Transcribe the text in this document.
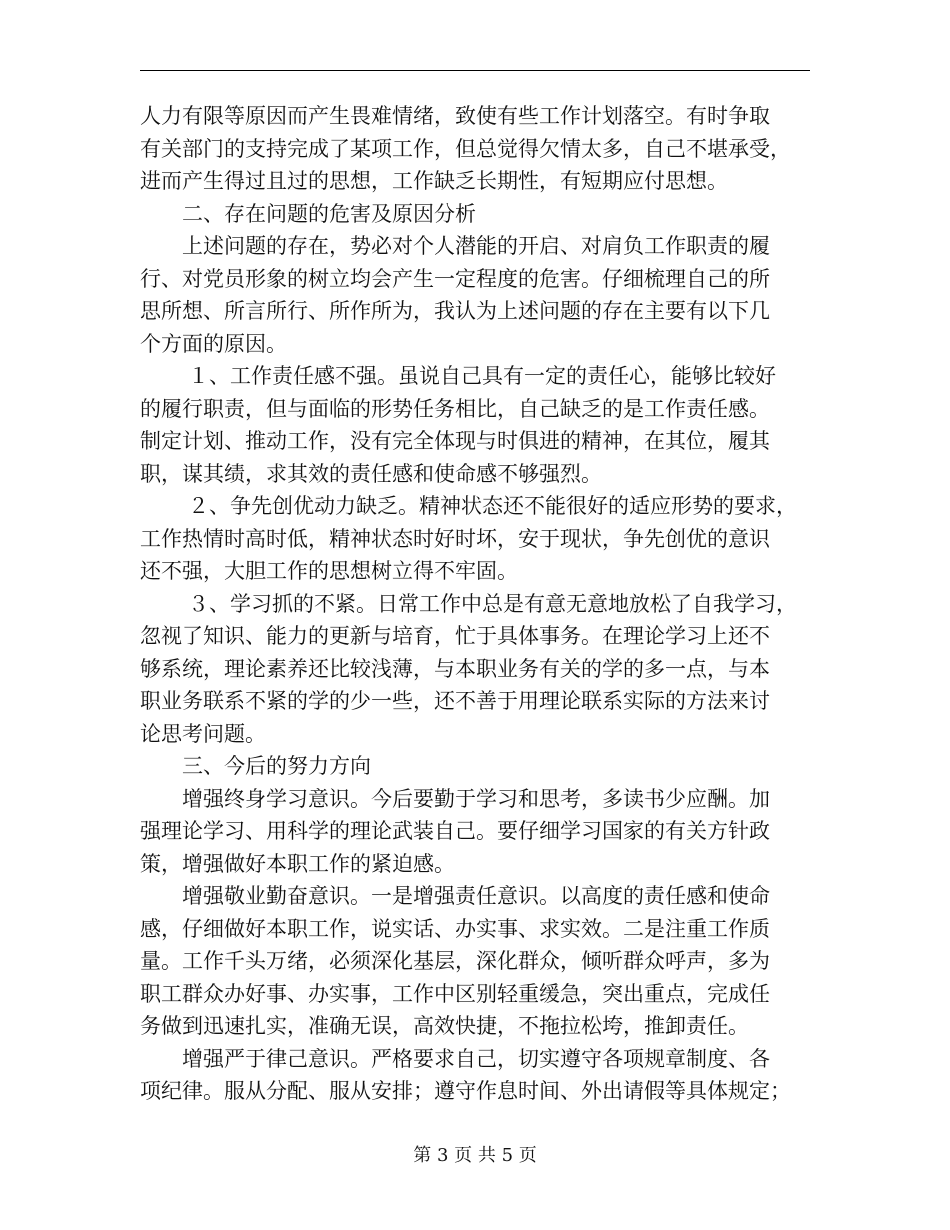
人力有限等原因而产生畏难情绪，致使有些工作计划落空。有时争取
有关部门的支持完成了某项工作，但总觉得欠情太多，自己不堪承受，
进而产生得过且过的思想，工作缺乏长期性，有短期应付思想。
二、存在问题的危害及原因分析
上述问题的存在，势必对个人潜能的开启、对肩负工作职责的履
行、对党员形象的树立均会产生一定程度的危害。仔细梳理自己的所
思所想、所言所行、所作所为，我认为上述问题的存在主要有以下几
个方面的原因。
１、工作责任感不强。虽说自己具有一定的责任心，能够比较好
的履行职责，但与面临的形势任务相比，自己缺乏的是工作责任感。
制定计划、推动工作，没有完全体现与时俱进的精神，在其位，履其
职，谋其绩，求其效的责任感和使命感不够强烈。
２、争先创优动力缺乏。精神状态还不能很好的适应形势的要求，
工作热情时高时低，精神状态时好时坏，安于现状，争先创优的意识
还不强，大胆工作的思想树立得不牢固。
３、学习抓的不紧。日常工作中总是有意无意地放松了自我学习，
忽视了知识、能力的更新与培育，忙于具体事务。在理论学习上还不
够系统，理论素养还比较浅薄，与本职业务有关的学的多一点，与本
职业务联系不紧的学的少一些，还不善于用理论联系实际的方法来讨
论思考问题。
三、今后的努力方向
增强终身学习意识。今后要勤于学习和思考，多读书少应酬。加
强理论学习、用科学的理论武装自己。要仔细学习国家的有关方针政
策，增强做好本职工作的紧迫感。
增强敬业勤奋意识。一是增强责任意识。以高度的责任感和使命
感，仔细做好本职工作，说实话、办实事、求实效。二是注重工作质
量。工作千头万绪，必须深化基层，深化群众，倾听群众呼声，多为
职工群众办好事、办实事，工作中区别轻重缓急，突出重点，完成任
务做到迅速扎实，准确无误，高效快捷，不拖拉松垮，推卸责任。
增强严于律己意识。严格要求自己，切实遵守各项规章制度、各
项纪律。服从分配、服从安排；遵守作息时间、外出请假等具体规定；
第 3 页 共 5 页
